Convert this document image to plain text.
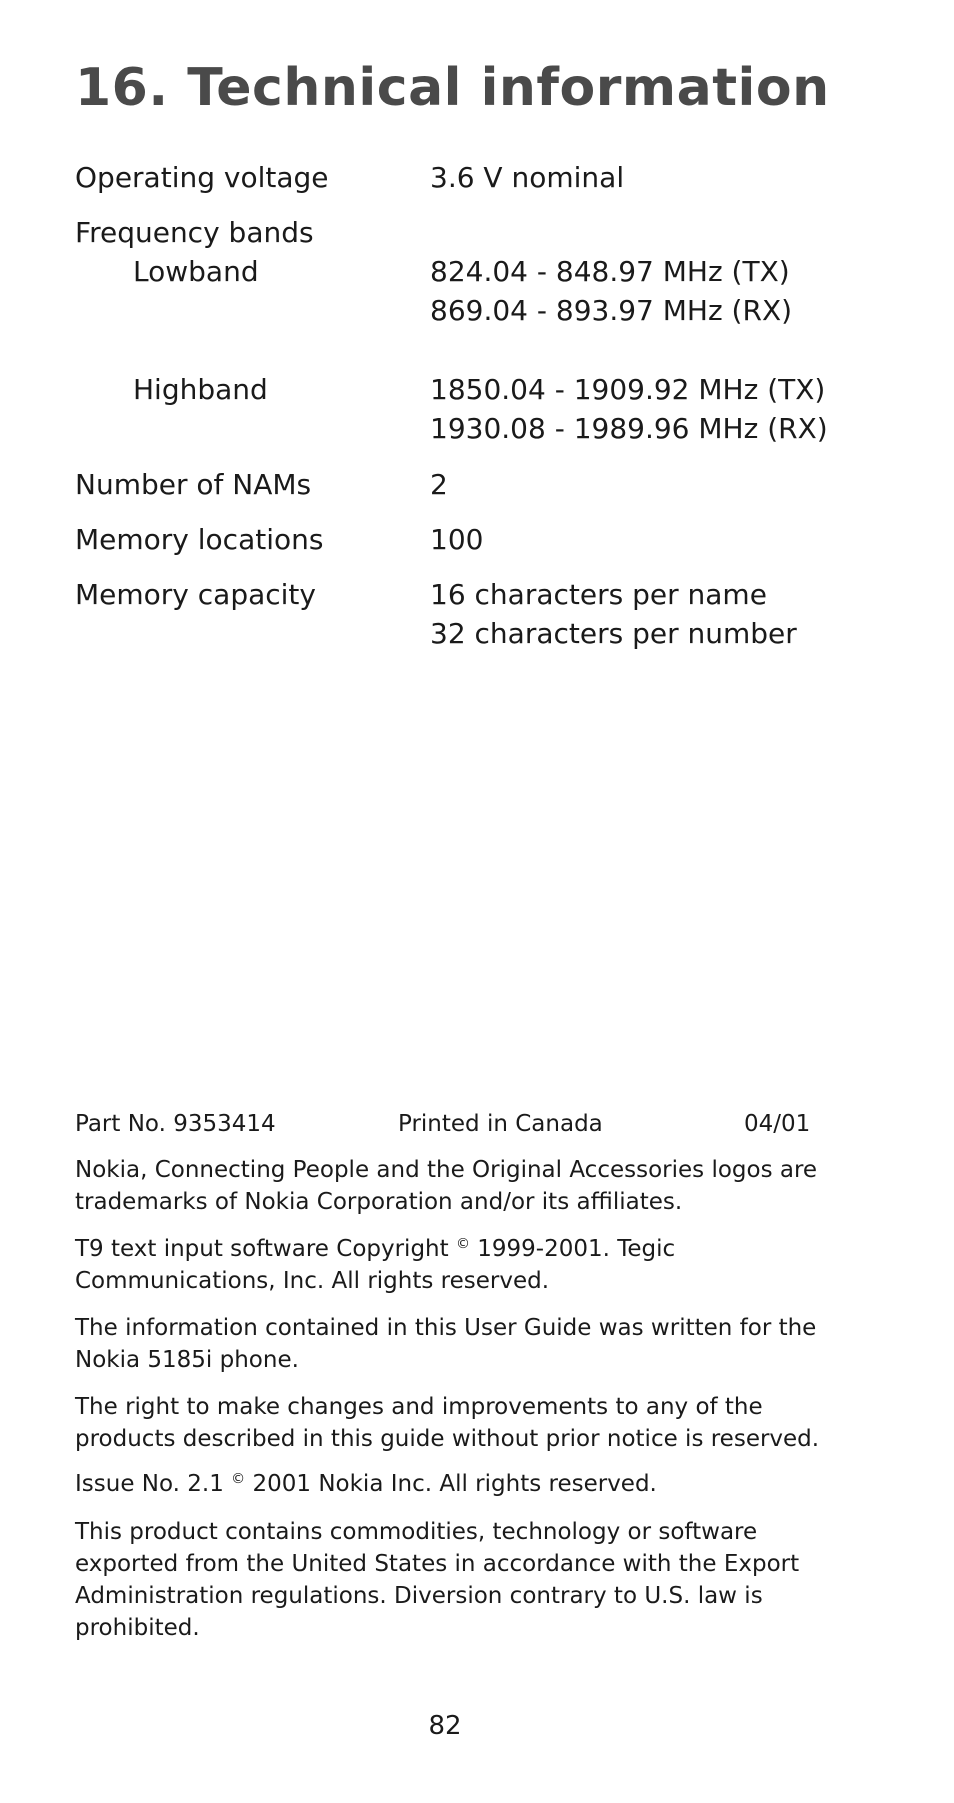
16. Technical information
Operating voltage	3.6 V nominal
Frequency bands
Lowband	824.04 - 848.97 MHz (TX)
869.04 - 893.97 MHz (RX)
Highband	1850.04 - 1909.92 MHz (TX)
1930.08 - 1989.96 MHz (RX)
Number of NAMs	2
Memory locations	100
Memory capacity	16 characters per name
32 characters per number
Part No. 9353414	Printed in Canada	04/01

Nokia, Connecting People and the Original Accessories logos are trademarks of Nokia Corporation and/or its affiliates.

T9 text input software Copyright © 1999-2001. Tegic Communications, Inc. All rights reserved.

The information contained in this User Guide was written for the Nokia 5185i phone.

The right to make changes and improvements to any of the products described in this guide without prior notice is reserved.

Issue No. 2.1 © 2001 Nokia Inc. All rights reserved.

This product contains commodities, technology or software exported from the United States in accordance with the Export Administration regulations. Diversion contrary to U.S. law is prohibited.

82
